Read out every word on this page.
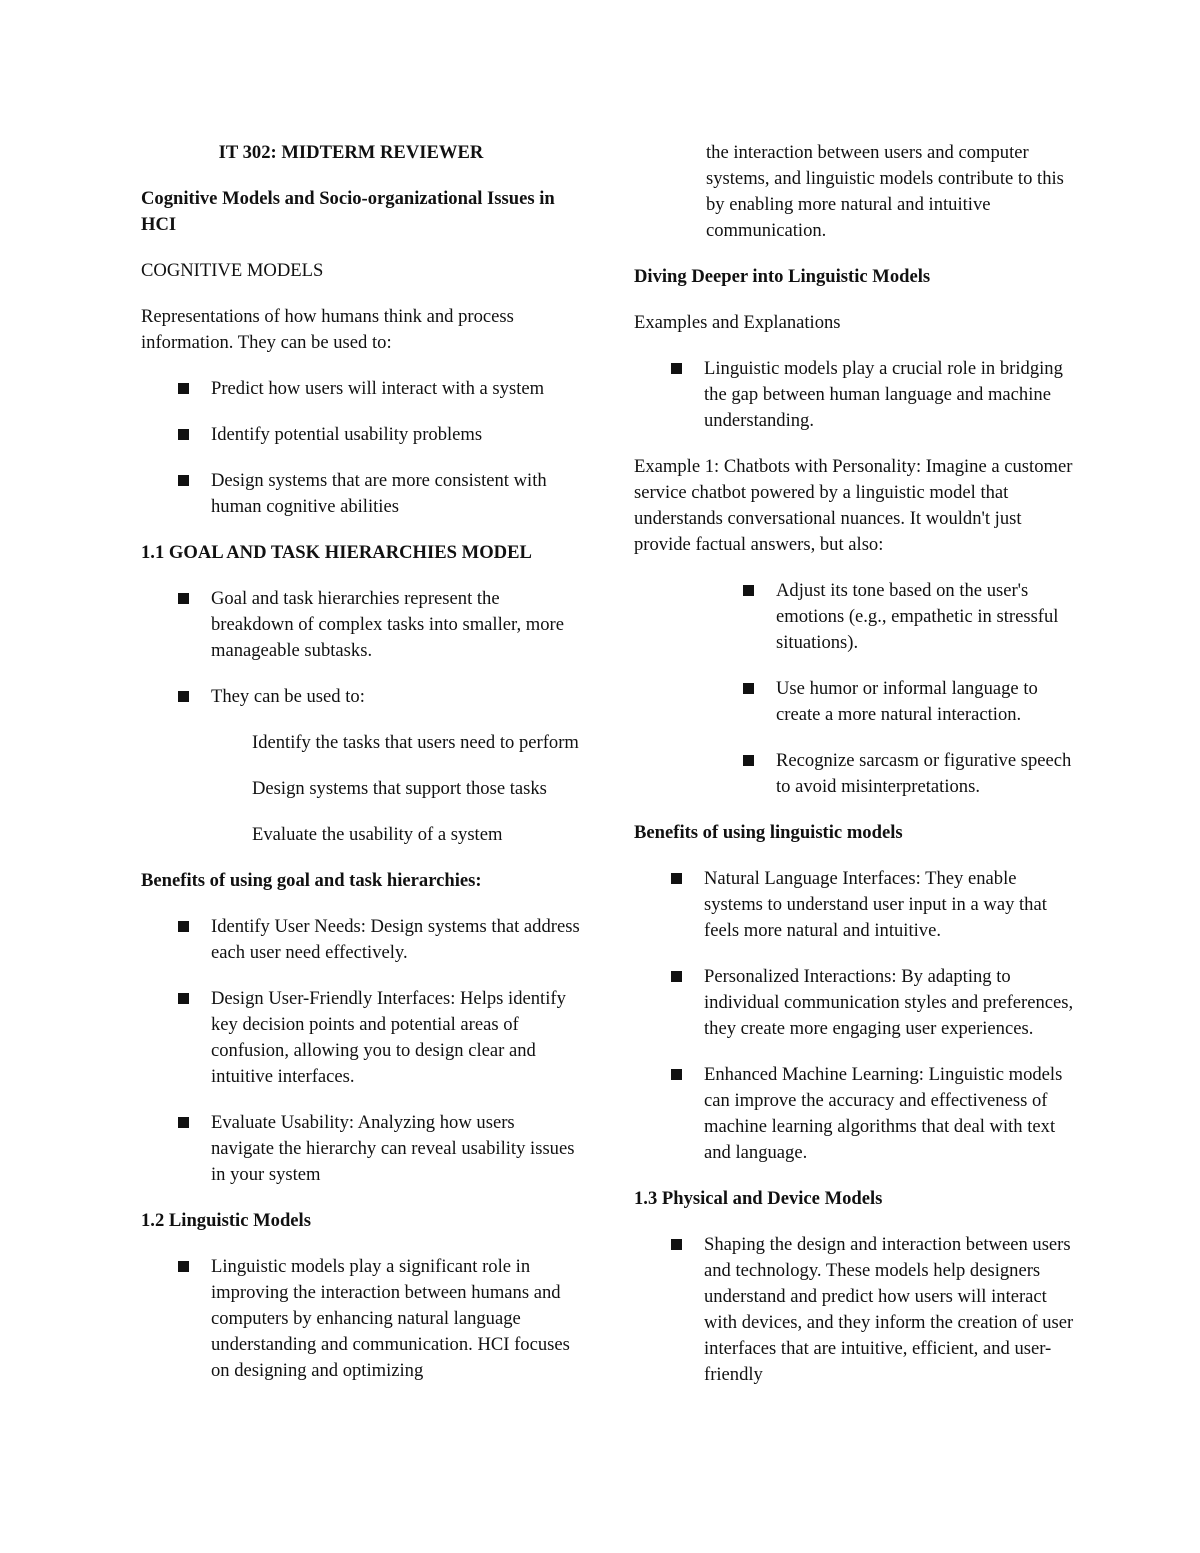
IT 302: MIDTERM REVIEWER

Cognitive Models and Socio-organizational Issues in HCI

COGNITIVE MODELS

Representations of how humans think and process information. They can be used to:

Predict how users will interact with a system
Identify potential usability problems
Design systems that are more consistent with human cognitive abilities

1.1 GOAL AND TASK HIERARCHIES MODEL

Goal and task hierarchies represent the breakdown of complex tasks into smaller, more manageable subtasks.
They can be used to:
Identify the tasks that users need to perform
Design systems that support those tasks
Evaluate the usability of a system

Benefits of using goal and task hierarchies:

Identify User Needs: Design systems that address each user need effectively.
Design User-Friendly Interfaces: Helps identify key decision points and potential areas of confusion, allowing you to design clear and intuitive interfaces.
Evaluate Usability: Analyzing how users navigate the hierarchy can reveal usability issues in your system

1.2 Linguistic Models

Linguistic models play a significant role in improving the interaction between humans and computers by enhancing natural language understanding and communication. HCI focuses on designing and optimizing

the interaction between users and computer systems, and linguistic models contribute to this by enabling more natural and intuitive communication.

Diving Deeper into Linguistic Models

Examples and Explanations

Linguistic models play a crucial role in bridging the gap between human language and machine understanding.

Example 1: Chatbots with Personality: Imagine a customer service chatbot powered by a linguistic model that understands conversational nuances. It wouldn't just provide factual answers, but also:

Adjust its tone based on the user's emotions (e.g., empathetic in stressful situations).
Use humor or informal language to create a more natural interaction.
Recognize sarcasm or figurative speech to avoid misinterpretations.

Benefits of using linguistic models

Natural Language Interfaces: They enable systems to understand user input in a way that feels more natural and intuitive.
Personalized Interactions: By adapting to individual communication styles and preferences, they create more engaging user experiences.
Enhanced Machine Learning: Linguistic models can improve the accuracy and effectiveness of machine learning algorithms that deal with text and language.

1.3 Physical and Device Models

Shaping the design and interaction between users and technology. These models help designers understand and predict how users will interact with devices, and they inform the creation of user interfaces that are intuitive, efficient, and user-friendly
